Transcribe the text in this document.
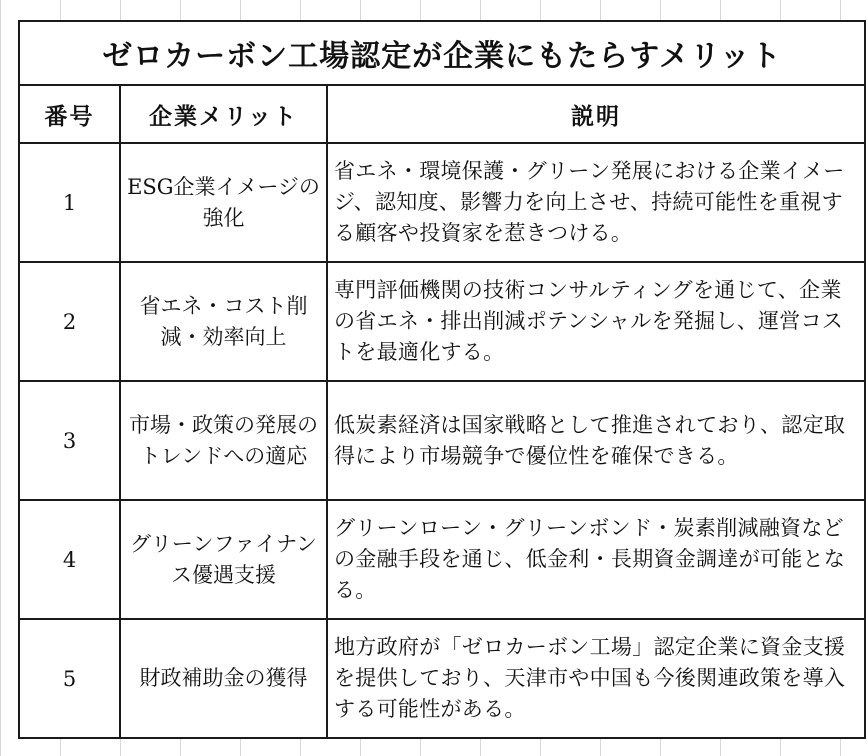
ゼロカーボン工場認定が企業にもたらすメリット		
番号	企業メリット	説明
1	ESG企業イメージの強化	省エネ・環境保護・グリーン発展における企業イメージ、認知度、影響力を向上させ、持続可能性を重視する顧客や投資家を惹きつける。
2	省エネ・コスト削減・効率向上	専門評価機関の技術コンサルティングを通じて、企業の省エネ・排出削減ポテンシャルを発掘し、運営コストを最適化する。
3	市場・政策の発展のトレンドへの適応	低炭素経済は国家戦略として推進されており、認定取得により市場競争で優位性を確保できる。
4	グリーンファイナンス優遇支援	グリーンローン・グリーンボンド・炭素削減融資などの金融手段を通じ、低金利・長期資金調達が可能となる。
5	財政補助金の獲得	地方政府が「ゼロカーボン工場」認定企業に資金支援を提供しており、天津市や中国も今後関連政策を導入する可能性がある。
